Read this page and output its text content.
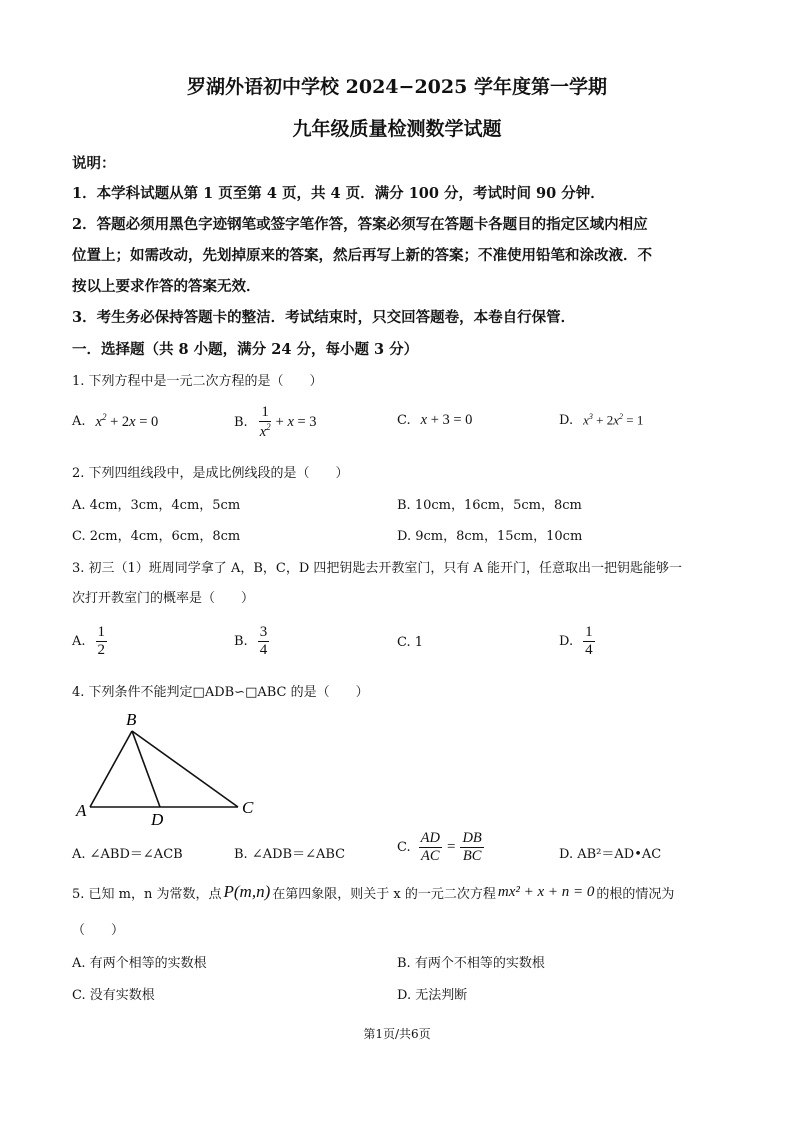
罗湖外语初中学校 2024−2025 学年度第一学期
九年级质量检测数学试题
说明：
1．本学科试题从第 1 页至第 4 页，共 4 页．满分 100 分，考试时间 90 分钟．
2．答题必须用黑色字迹钢笔或签字笔作答，答案必须写在答题卡各题目的指定区域内相应
位置上；如需改动，先划掉原来的答案，然后再写上新的答案；不准使用铅笔和涂改液．不
按以上要求作答的答案无效．
3．考生务必保持答题卡的整洁．考试结束时，只交回答题卷，本卷自行保管．
一．选择题（共 8 小题，满分 24 分，每小题 3 分）
1. 下列方程中是一元二次方程的是（　　）
A. $x^2 + 2x = 0$	B. $\frac{1}{x^2} + x = 3$	C. x + 3 = 0	D. $x^3 + 2x^2 = 1$
2. 下列四组线段中，是成比例线段的是（　　）
A. 4cm，3cm，4cm，5cm	B. 10cm，16cm，5cm，8cm
C. 2cm，4cm，6cm，8cm	D. 9cm，8cm，15cm，10cm
3. 初三（1）班周同学拿了 A，B，C，D 四把钥匙去开教室门，只有 A 能开门，任意取出一把钥匙能够一
次打开教室门的概率是（　　）
A. $\frac{1}{2}$	B. $\frac{3}{4}$	C. 1	D. $\frac{1}{4}$
4. 下列条件不能判定□ADB∽□ABC 的是（　　）
B
A	C
D
A. ∠ABD＝∠ACB	B. ∠ADB＝∠ABC	C. $\frac{AD}{AC} = \frac{DB}{BC}$	D. AB²＝AD•AC
5. 已知 m，n 为常数，点 P(m,n) 在第四象限，则关于 x 的一元二次方程 mx² + x + n = 0 的根的情况为
（　　）
A. 有两个相等的实数根	B. 有两个不相等的实数根
C. 没有实数根	D. 无法判断
第1页/共6页
